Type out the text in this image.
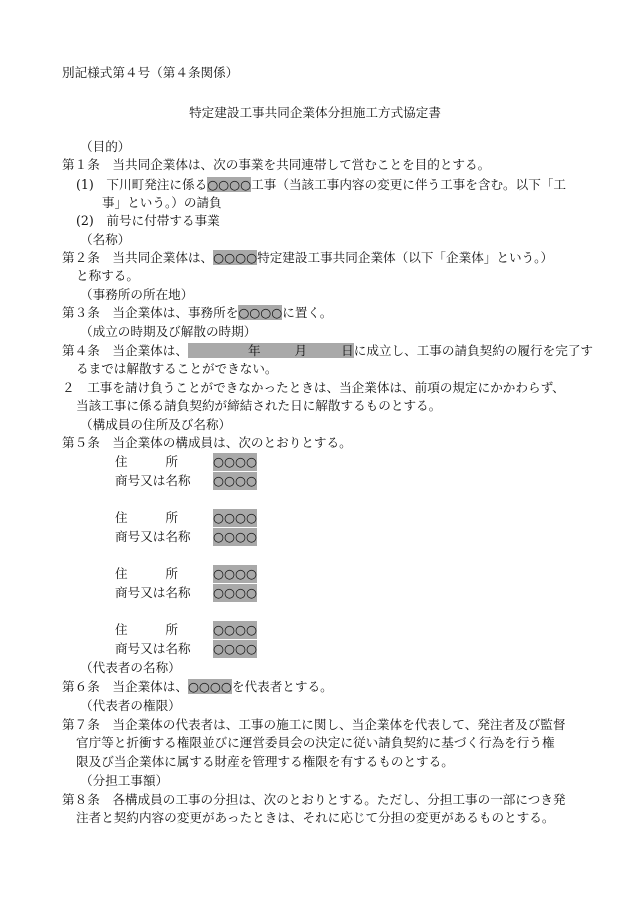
別記様式第４号（第４条関係）
特定建設工事共同企業体分担施工方式協定書
（目的）
第１条　当共同企業体は、次の事業を共同連帯して営むことを目的とする。
(1)　下川町発注に係る○○○○工事（当該工事内容の変更に伴う工事を含む。以下「工
事」という。）の請負
(2)　前号に付帯する事業
（名称）
第２条　当共同企業体は、○○○○特定建設工事共同企業体（以下「企業体」という。）
と称する。
（事務所の所在地）
第３条　当企業体は、事務所を○○○○に置く。
（成立の時期及び解散の時期）
第４条　当企業体は、	年	月	日に成立し、工事の請負契約の履行を完了す
るまでは解散することができない。
２　工事を請け負うことができなかったときは、当企業体は、前項の規定にかかわらず、
当該工事に係る請負契約が締結された日に解散するものとする。
（構成員の住所及び名称）
第５条　当企業体の構成員は、次のとおりとする。
住　　　所	○○○○
商号又は名称 ○○○○
住　　　所	○○○○
商号又は名称 ○○○○
住　　　所	○○○○
商号又は名称 ○○○○
住　　　所	○○○○
商号又は名称 ○○○○
（代表者の名称）
第６条　当企業体は、○○○○を代表者とする。
（代表者の権限）
第７条　当企業体の代表者は、工事の施工に関し、当企業体を代表して、発注者及び監督
官庁等と折衝する権限並びに運営委員会の決定に従い請負契約に基づく行為を行う権
限及び当企業体に属する財産を管理する権限を有するものとする。
（分担工事額）
第８条　各構成員の工事の分担は、次のとおりとする。ただし、分担工事の一部につき発
注者と契約内容の変更があったときは、それに応じて分担の変更があるものとする。
